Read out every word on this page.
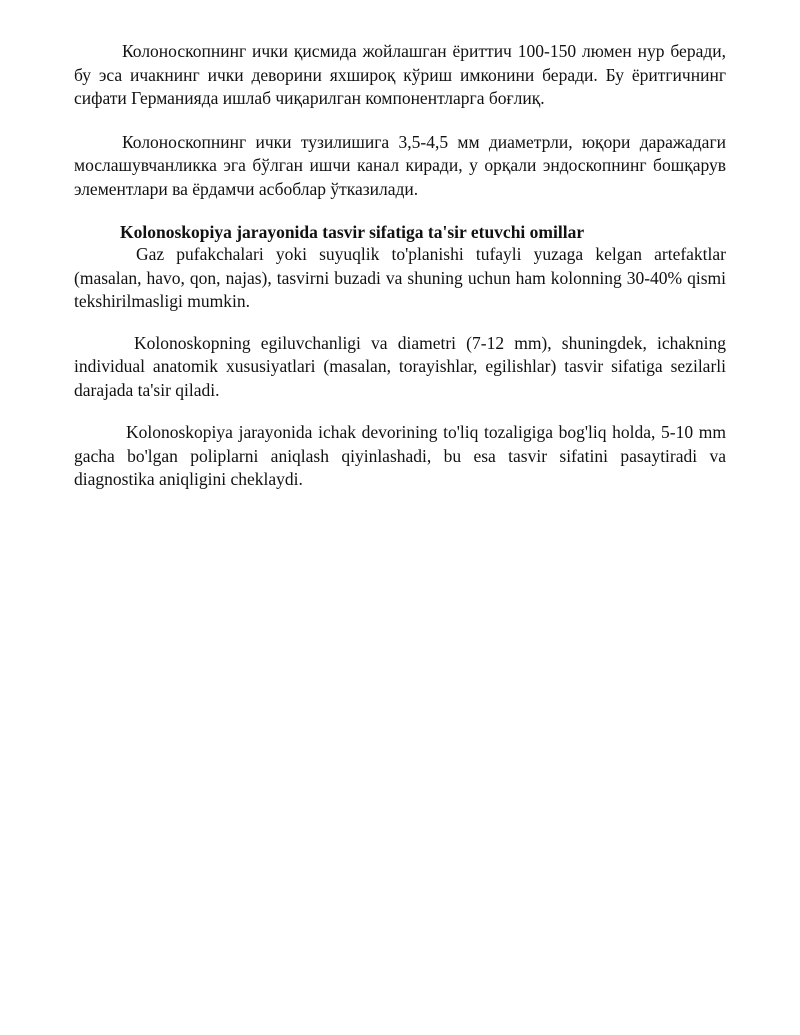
Колоноскопнинг ички қисмида жойлашган ёриттич 100-150 люмен нур беради, бу эса ичакнинг ички деворини яхшироқ кўриш имконини беради. Бу ёритгичнинг сифати Германияда ишлаб чиқарилган компонентларга боғлиқ.

Колоноскопнинг ички тузилишига 3,5-4,5 мм диаметрли, юқори даражадаги мослашувчанликка эга бўлган ишчи канал киради, у орқали эндоскопнинг бошқарув элементлари ва ёрдамчи асбоблар ўтказилади.

Kolonoskopiya jarayonida tasvir sifatiga ta'sir etuvchi omillar

Gaz pufakchalari yoki suyuqlik to'planishi tufayli yuzaga kelgan artefaktlar (masalan, havo, qon, najas), tasvirni buzadi va shuning uchun ham kolonning 30-40% qismi tekshirilmasligi mumkin.

Kolonoskopning egiluvchanligi va diametri (7-12 mm), shuningdek, ichakning individual anatomik xususiyatlari (masalan, torayishlar, egilishlar) tasvir sifatiga sezilarli darajada ta'sir qiladi.

Kolonoskopiya jarayonida ichak devorining to'liq tozaligiga bog'liq holda, 5-10 mm gacha bo'lgan poliplarni aniqlash qiyinlashadi, bu esa tasvir sifatini pasaytiradi va diagnostika aniqligini cheklaydi.
